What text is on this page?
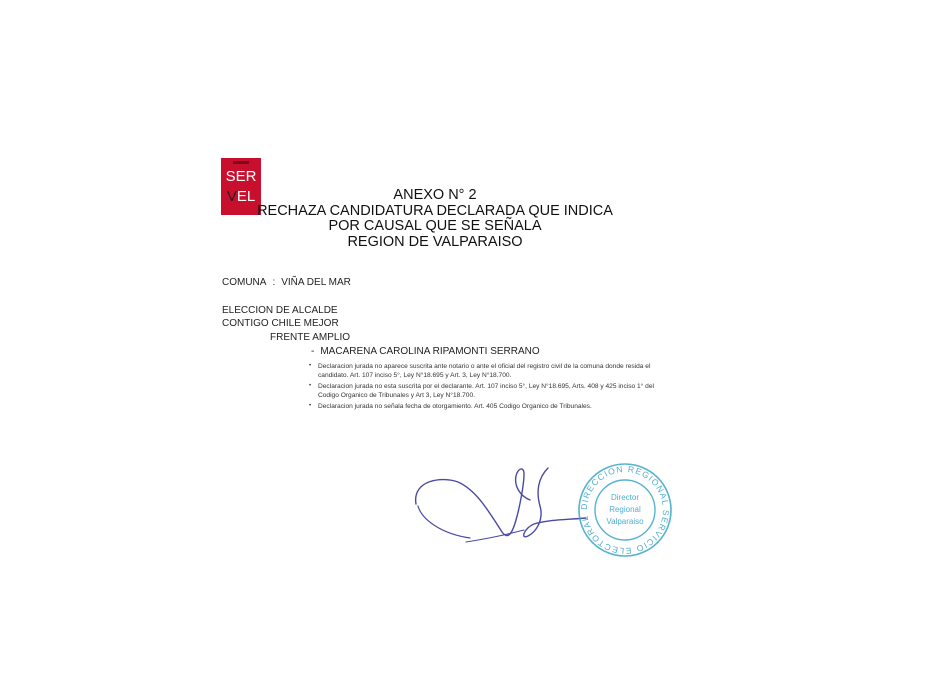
SER
VEL	ANEXO N° 2
RECHAZA CANDIDATURA DECLARADA QUE INDICA
POR CAUSAL QUE SE SEÑALA
REGION DE VALPARAISO
COMUNA : VIÑA DEL MAR
ELECCION DE ALCALDE
CONTIGO CHILE MEJOR
FRENTE AMPLIO
- MACARENA CAROLINA RIPAMONTI SERRANO
• Declaracion jurada no aparece suscrita ante notario o ante el oficial del registro civil de la comuna donde resida el candidato. Art. 107 inciso 5°, Ley N°18.695 y Art. 3, Ley N°18.700.
• Declaracion jurada no esta suscrita por el declarante. Art. 107 inciso 5°, Ley N°18.695, Arts. 408 y 425 inciso 1° del Codigo Organico de Tribunales y Art 3, Ley N°18.700.
• Declaracion jurada no señala fecha de otorgamiento. Art. 405 Codigo Organico de Tribunales.
DIRECCION REGIONAL SERVICIO ELECTORAL
Director
Regional
Valparaiso
